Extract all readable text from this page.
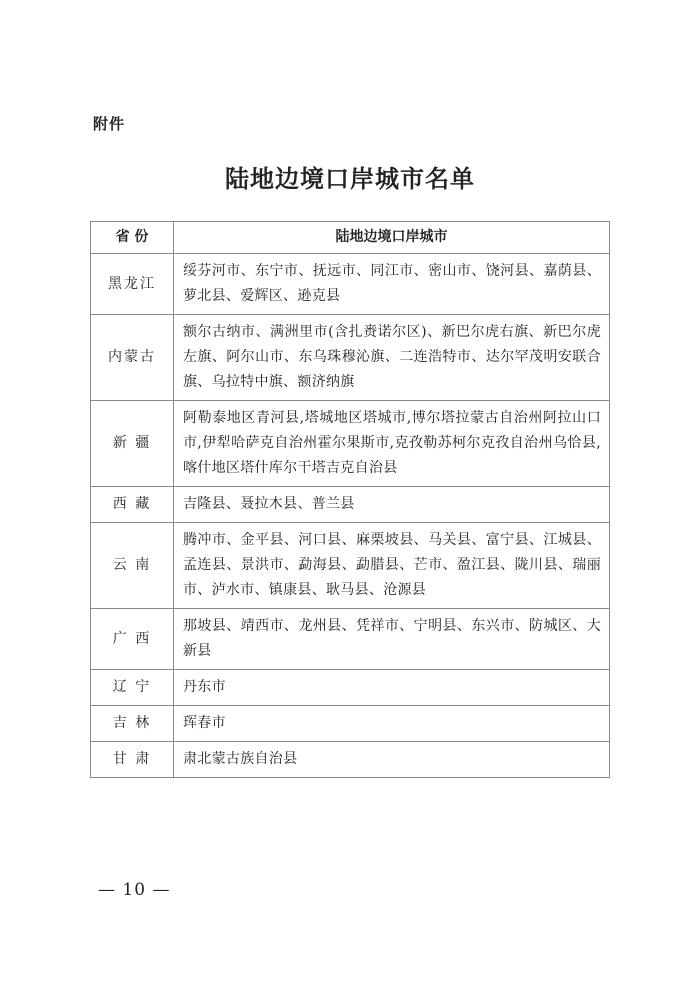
附件
陆地边境口岸城市名单
省 份	陆地边境口岸城市
黑龙江	绥芬河市、东宁市、抚远市、同江市、密山市、饶河县、嘉荫县、萝北县、爱辉区、逊克县
内蒙古	额尔古纳市、满洲里市(含扎赉诺尔区)、新巴尔虎右旗、新巴尔虎左旗、阿尔山市、东乌珠穆沁旗、二连浩特市、达尔罕茂明安联合旗、乌拉特中旗、额济纳旗
新 疆	阿勒泰地区青河县,塔城地区塔城市,博尔塔拉蒙古自治州阿拉山口市,伊犁哈萨克自治州霍尔果斯市,克孜勒苏柯尔克孜自治州乌恰县,喀什地区塔什库尔干塔吉克自治县
西 藏	吉隆县、聂拉木县、普兰县
云 南	腾冲市、金平县、河口县、麻栗坡县、马关县、富宁县、江城县、孟连县、景洪市、勐海县、勐腊县、芒市、盈江县、陇川县、瑞丽市、泸水市、镇康县、耿马县、沧源县
广 西	那坡县、靖西市、龙州县、凭祥市、宁明县、东兴市、防城区、大新县
辽 宁	丹东市
吉 林	珲春市
甘 肃	肃北蒙古族自治县
— 10 —
